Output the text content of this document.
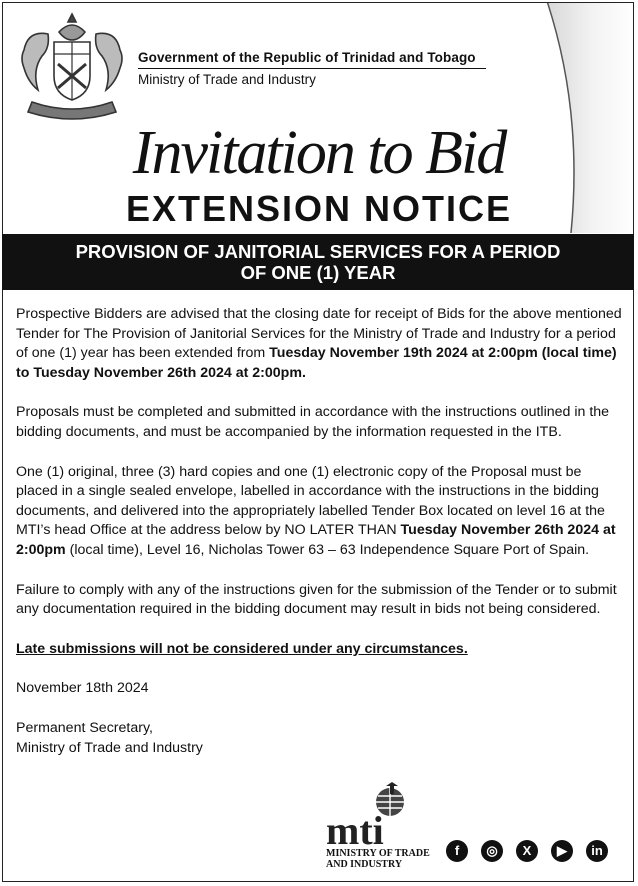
Government of the Republic of Trinidad and Tobago
Ministry of Trade and Industry
Invitation to Bid
EXTENSION NOTICE
PROVISION OF JANITORIAL SERVICES FOR A PERIOD
OF ONE (1) YEAR

Prospective Bidders are advised that the closing date for receipt of Bids for the above mentioned Tender for The Provision of Janitorial Services for the Ministry of Trade and Industry for a period of one (1) year has been extended from Tuesday November 19th 2024 at 2:00pm (local time) to Tuesday November 26th 2024 at 2:00pm.

Proposals must be completed and submitted in accordance with the instructions outlined in the bidding documents, and must be accompanied by the information requested in the ITB.

One (1) original, three (3) hard copies and one (1) electronic copy of the Proposal must be placed in a single sealed envelope, labelled in accordance with the instructions in the bidding documents, and delivered into the appropriately labelled Tender Box located on level 16 at the MTI’s head Office at the address below by NO LATER THAN Tuesday November 26th 2024 at 2:00pm (local time), Level 16, Nicholas Tower 63 – 63 Independence Square Port of Spain.

Failure to comply with any of the instructions given for the submission of the Tender or to submit any documentation required in the bidding document may result in bids not being considered.

Late submissions will not be considered under any circumstances.

November 18th 2024

Permanent Secretary,
Ministry of Trade and Industry
mti
MINISTRY OF TRADE
AND INDUSTRY
f	◎	X	▶	in
